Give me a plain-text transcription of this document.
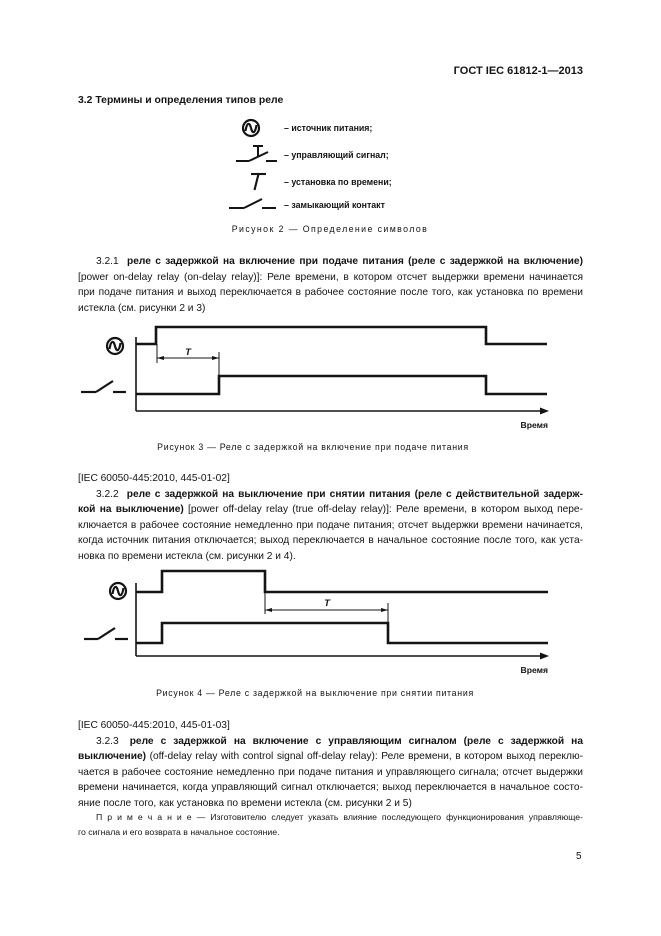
ГОСТ IEC 61812-1—2013
3.2 Термины и определения типов реле
– источник питания;
– управляющий сигнал;
– установка по времени;
– замыкающий контакт
Рисунок 2 — Определение символов
3.2.1 реле с задержкой на включение при подаче питания (реле с задержкой на включение)
[power on-delay relay (on-delay relay)]: Реле времени, в котором отсчет выдержки времени начинается
при подаче питания и выход переключается в рабочее состояние после того, как установка по времени
истекла (см. рисунки 2 и 3)
T
Время
Рисунок 3 — Реле с задержкой на включение при подаче питания
[IEC 60050-445:2010, 445-01-02]
3.2.2 реле с задержкой на выключение при снятии питания (реле с действительной задерж-
кой на выключение) [power off-delay relay (true off-delay relay)]: Реле времени, в котором выход пере-
ключается в рабочее состояние немедленно при подаче питания; отсчет выдержки времени начинается,
когда источник питания отключается; выход переключается в начальное состояние после того, как уста-
новка по времени истекла (см. рисунки 2 и 4).
T
Время
Рисунок 4 — Реле с задержкой на выключение при снятии питания
[IEC 60050-445:2010, 445-01-03]
3.2.3 реле с задержкой на включение с управляющим сигналом (реле с задержкой на
выключение) (off-delay relay with control signal off-delay relay): Реле времени, в котором выход переклю-
чается в рабочее состояние немедленно при подаче питания и управляющего сигнала; отсчет выдержки
времени начинается, когда управляющий сигнал отключается; выход переключается в начальное состо-
яние после того, как установка по времени истекла (см. рисунки 2 и 5)
П р и м е ч а н и е — Изготовителю следует указать влияние последующего функционирования управляюще-
го сигнала и его возврата в начальное состояние.
5
